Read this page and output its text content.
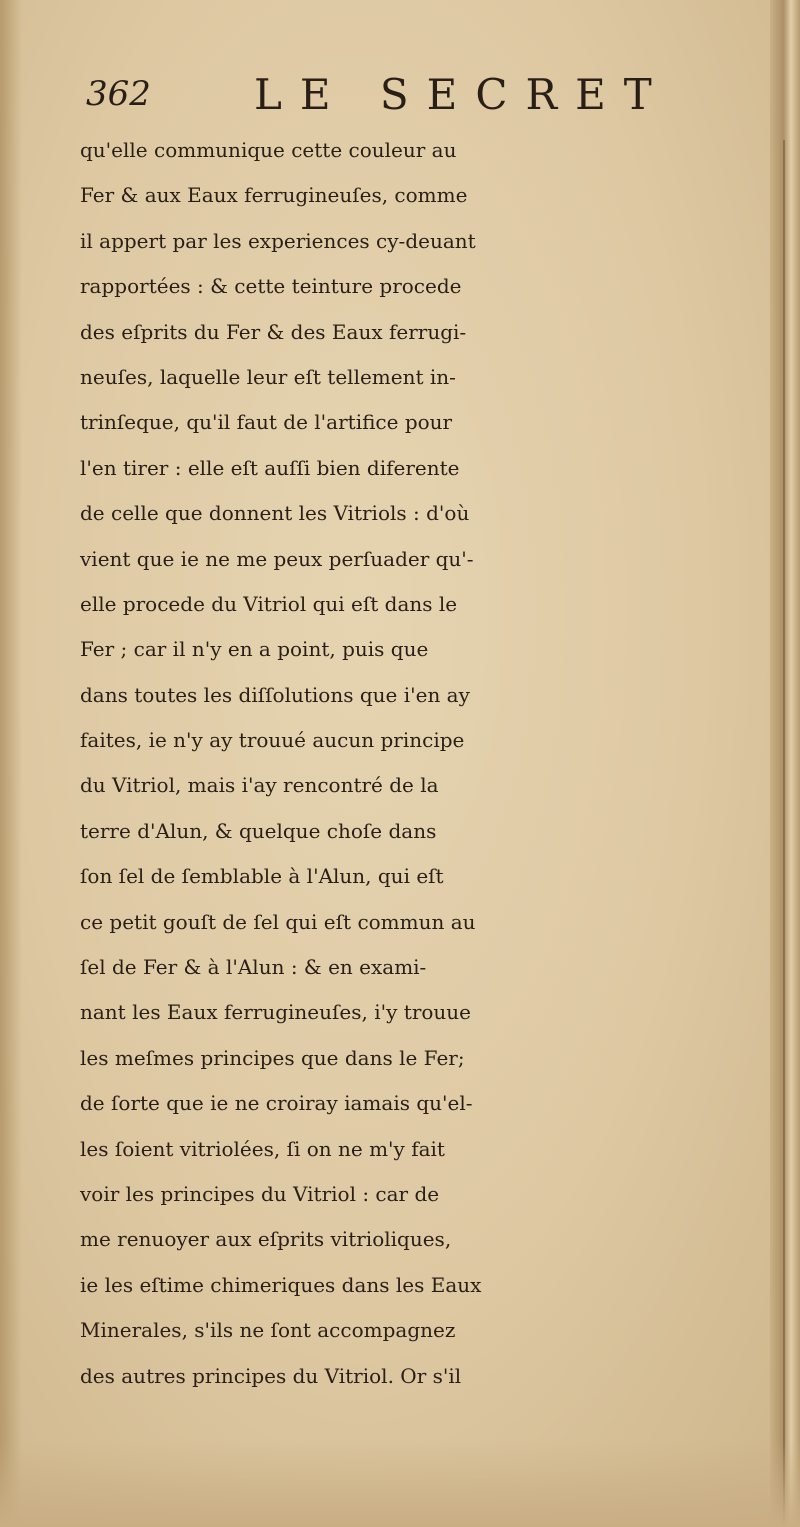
362 LE SECRET
qu'elle communique cette couleur au
Fer & aux Eaux ferrugineuſes, comme
il appert par les experiences cy-deuant
rapportées : & cette teinture procede
des eſprits du Fer & des Eaux ferrugi-
neuſes, laquelle leur eſt tellement in-
trinſeque, qu'il faut de l'artifice pour
l'en tirer : elle eſt auſſi bien diferente
de celle que donnent les Vitriols : d'où
vient que ie ne me peux perſuader qu'-
elle procede du Vitriol qui eſt dans le
Fer ; car il n'y en a point, puis que
dans toutes les diſſolutions que i'en ay
faites, ie n'y ay trouué aucun principe
du Vitriol, mais i'ay rencontré de la
terre d'Alun, & quelque choſe dans
ſon ſel de ſemblable à l'Alun, qui eſt
ce petit gouſt de ſel qui eſt commun au
ſel de Fer & à l'Alun : & en exami-
nant les Eaux ferrugineuſes, i'y trouue
les meſmes principes que dans le Fer;
de ſorte que ie ne croiray iamais qu'el-
les ſoient vitriolées, ſi on ne m'y fait
voir les principes du Vitriol : car de
me renuoyer aux eſprits vitrioliques,
ie les eſtime chimeriques dans les Eaux
Minerales, s'ils ne ſont accompagnez
des autres principes du Vitriol. Or s'il
